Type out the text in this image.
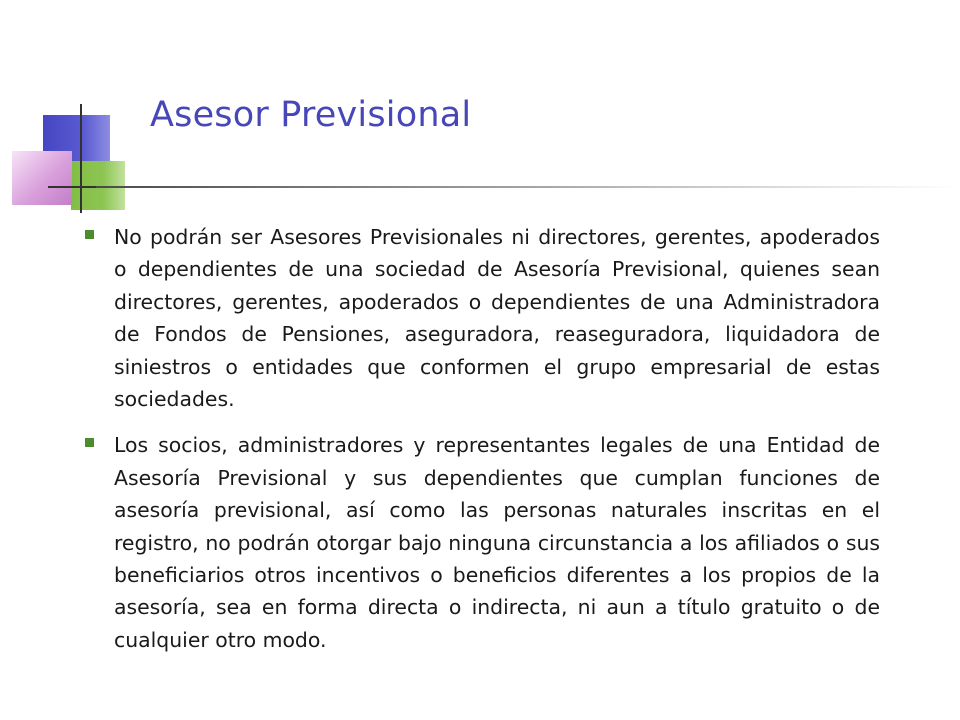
Asesor Previsional
No podrán ser Asesores Previsionales ni directores, gerentes, apoderados o dependientes de una sociedad de Asesoría Previsional, quienes sean directores, gerentes, apoderados o dependientes de una Administradora de Fondos de Pensiones, aseguradora, reaseguradora, liquidadora de siniestros o entidades que conformen el grupo empresarial de estas sociedades.
Los socios, administradores y representantes legales de una Entidad de Asesoría Previsional y sus dependientes que cumplan funciones de asesoría previsional, así como las personas naturales inscritas en el registro, no podrán otorgar bajo ninguna circunstancia a los afiliados o sus beneficiarios otros incentivos o beneficios diferentes a los propios de la asesoría, sea en forma directa o indirecta, ni aun a título gratuito o de cualquier otro modo.
